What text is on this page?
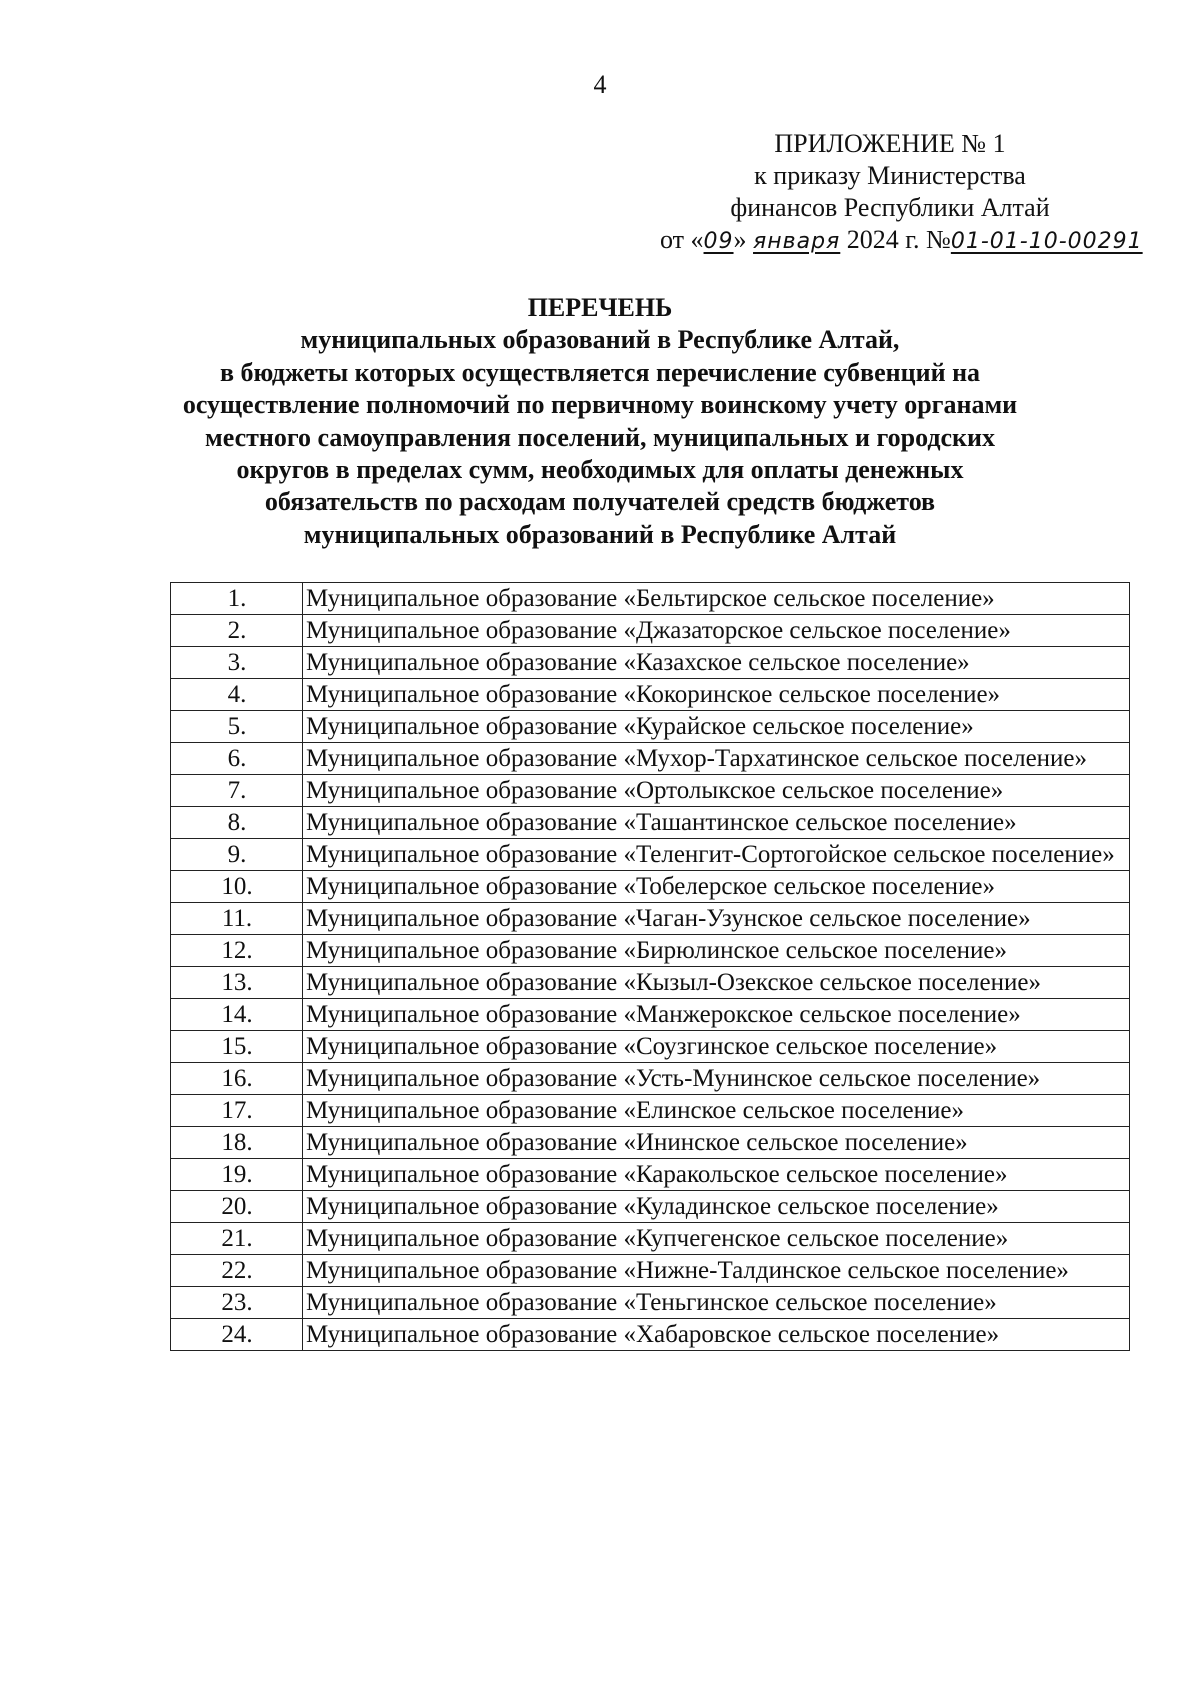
4
ПРИЛОЖЕНИЕ № 1
к приказу Министерства
финансов Республики Алтай
от «09» января 2024 г. №01-01-10-00291
ПЕРЕЧЕНЬ
муниципальных образований в Республике Алтай,
в бюджеты которых осуществляется перечисление субвенций на
осуществление полномочий по первичному воинскому учету органами
местного самоуправления поселений, муниципальных и городских
округов в пределах сумм, необходимых для оплаты денежных
обязательств по расходам получателей средств бюджетов
муниципальных образований в Республике Алтай
1.	Муниципальное образование «Бельтирское сельское поселение»
2.	Муниципальное образование «Джазаторское сельское поселение»
3.	Муниципальное образование «Казахское сельское поселение»
4.	Муниципальное образование «Кокоринское сельское поселение»
5.	Муниципальное образование «Курайское сельское поселение»
6.	Муниципальное образование «Мухор-Тархатинское сельское поселение»
7.	Муниципальное образование «Ортолыкское сельское поселение»
8.	Муниципальное образование «Ташантинское сельское поселение»
9.	Муниципальное образование «Теленгит-Сортогойское сельское поселение»
10.	Муниципальное образование «Тобелерское сельское поселение»
11.	Муниципальное образование «Чаган-Узунское сельское поселение»
12.	Муниципальное образование «Бирюлинское сельское поселение»
13.	Муниципальное образование «Кызыл-Озекское сельское поселение»
14.	Муниципальное образование «Манжерокское сельское поселение»
15.	Муниципальное образование «Соузгинское сельское поселение»
16.	Муниципальное образование «Усть-Мунинское сельское поселение»
17.	Муниципальное образование «Елинское сельское поселение»
18.	Муниципальное образование «Ининское сельское поселение»
19.	Муниципальное образование «Каракольское сельское поселение»
20.	Муниципальное образование «Куладинское сельское поселение»
21.	Муниципальное образование «Купчегенское сельское поселение»
22.	Муниципальное образование «Нижне-Талдинское сельское поселение»
23.	Муниципальное образование «Теньгинское сельское поселение»
24.	Муниципальное образование «Хабаровское сельское поселение»
